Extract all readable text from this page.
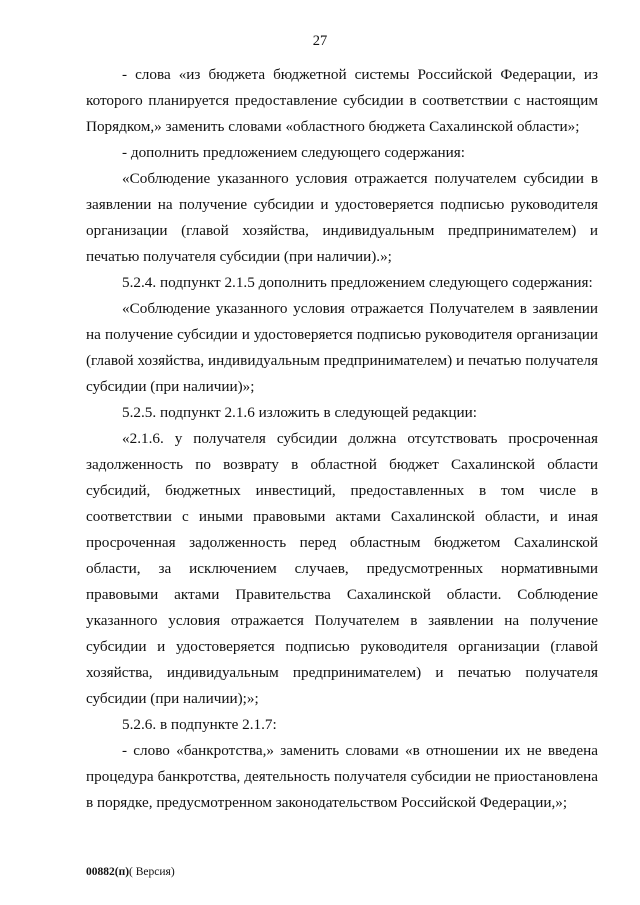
27

- слова «из бюджета бюджетной системы Российской Федерации, из которого планируется предоставление субсидии в соответствии с настоящим Порядком,» заменить словами «областного бюджета Сахалинской области»;

- дополнить предложением следующего содержания:

«Соблюдение указанного условия отражается получателем субсидии в заявлении на получение субсидии и удостоверяется подписью руководителя организации (главой хозяйства, индивидуальным предпринимателем) и печатью получателя субсидии (при наличии).»;

5.2.4. подпункт 2.1.5 дополнить предложением следующего содержания:

«Соблюдение указанного условия отражается Получателем в заявлении на получение субсидии и удостоверяется подписью руководителя организации (главой хозяйства, индивидуальным предпринимателем) и печатью получателя субсидии (при наличии)»;

5.2.5. подпункт 2.1.6 изложить в следующей редакции:

«2.1.6. у получателя субсидии должна отсутствовать просроченная задолженность по возврату в областной бюджет Сахалинской области субсидий, бюджетных инвестиций, предоставленных в том числе в соответствии с иными правовыми актами Сахалинской области, и иная просроченная задолженность перед областным бюджетом Сахалинской области, за исключением случаев, предусмотренных нормативными правовыми актами Правительства Сахалинской области. Соблюдение указанного условия отражается Получателем в заявлении на получение субсидии и удостоверяется подписью руководителя организации (главой хозяйства, индивидуальным предпринимателем) и печатью получателя субсидии (при наличии);»;

5.2.6. в подпункте 2.1.7:

- слово «банкротства,» заменить словами «в отношении их не введена процедура банкротства, деятельность получателя субсидии не приостановлена в порядке, предусмотренном законодательством Российской Федерации,»;

00882(п)( Версия)
